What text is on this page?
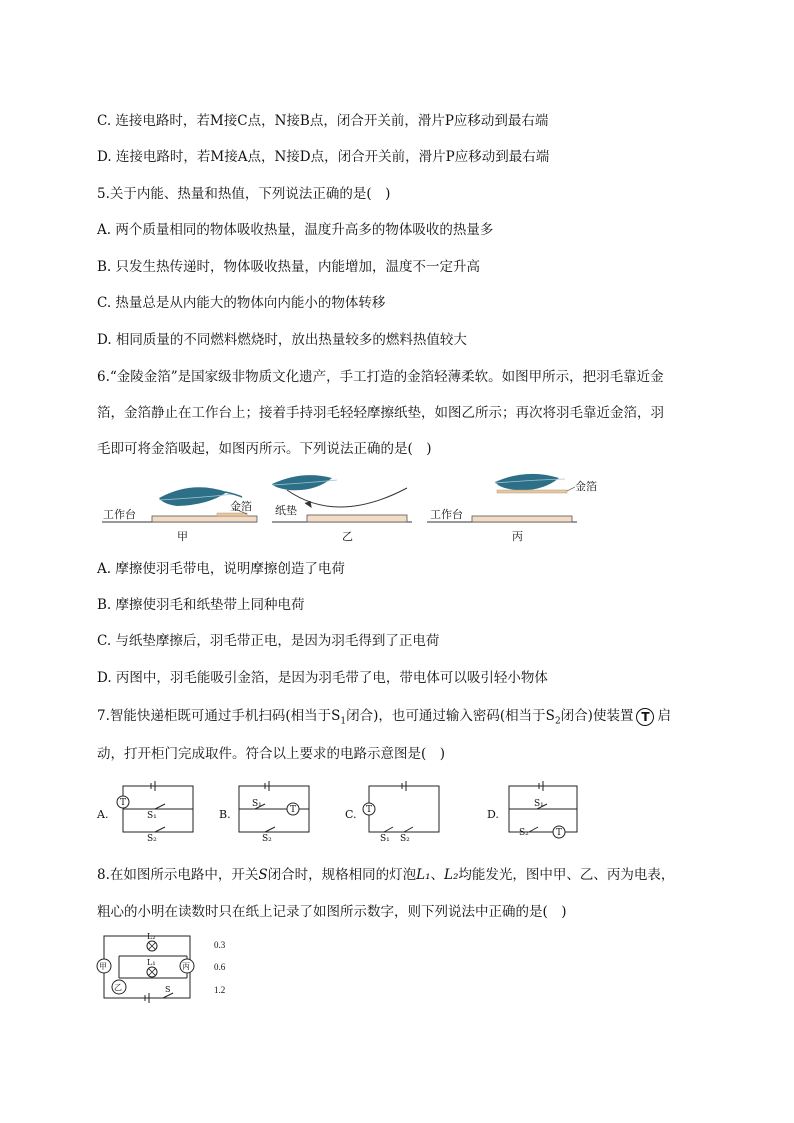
C. 连接电路时，若M接C点，N接B点，闭合开关前，滑片P应移动到最右端
D. 连接电路时，若M接A点，N接D点，闭合开关前，滑片P应移动到最右端
5.关于内能、热量和热值，下列说法正确的是(　)
A. 两个质量相同的物体吸收热量，温度升高多的物体吸收的热量多
B. 只发生热传递时，物体吸收热量，内能增加，温度不一定升高
C. 热量总是从内能大的物体向内能小的物体转移
D. 相同质量的不同燃料燃烧时，放出热量较多的燃料热值较大
6.“金陵金箔”是国家级非物质文化遗产，手工打造的金箔轻薄柔软。如图甲所示，把羽毛靠近金
箔，金箔静止在工作台上；接着手持羽毛轻轻摩擦纸垫，如图乙所示；再次将羽毛靠近金箔，羽
毛即可将金箔吸起，如图丙所示。下列说法正确的是(　)
工作台
金箔 纸垫	工作台
金箔
甲	乙	丙
A. 摩擦使羽毛带电，说明摩擦创造了电荷
B. 摩擦使羽毛和纸垫带上同种电荷
C. 与纸垫摩擦后，羽毛带正电，是因为羽毛得到了正电荷
D. 丙图中，羽毛能吸引金箔，是因为羽毛带了电，带电体可以吸引轻小物体
7.智能快递柜既可通过手机扫码(相当于$S_1$闭合)，也可通过输入密码(相当于$S_2$闭合)使装置 T 启
动，打开柜门完成取件。符合以上要求的电路示意图是(　)
T
T	T
T
S₁
S₂
S₁
S₂	S₁ S₂
S₁
S₂
A.	B.	C.	D.
8.在如图所示电路中，开关S闭合时，规格相同的灯泡L₁、L₂均能发光，图中甲、乙、丙为电表，
粗心的小明在读数时只在纸上记录了如图所示数字，则下列说法中正确的是(　)
甲
乙
丙
L₂
L₁
S
0.3
0.6
1.2
